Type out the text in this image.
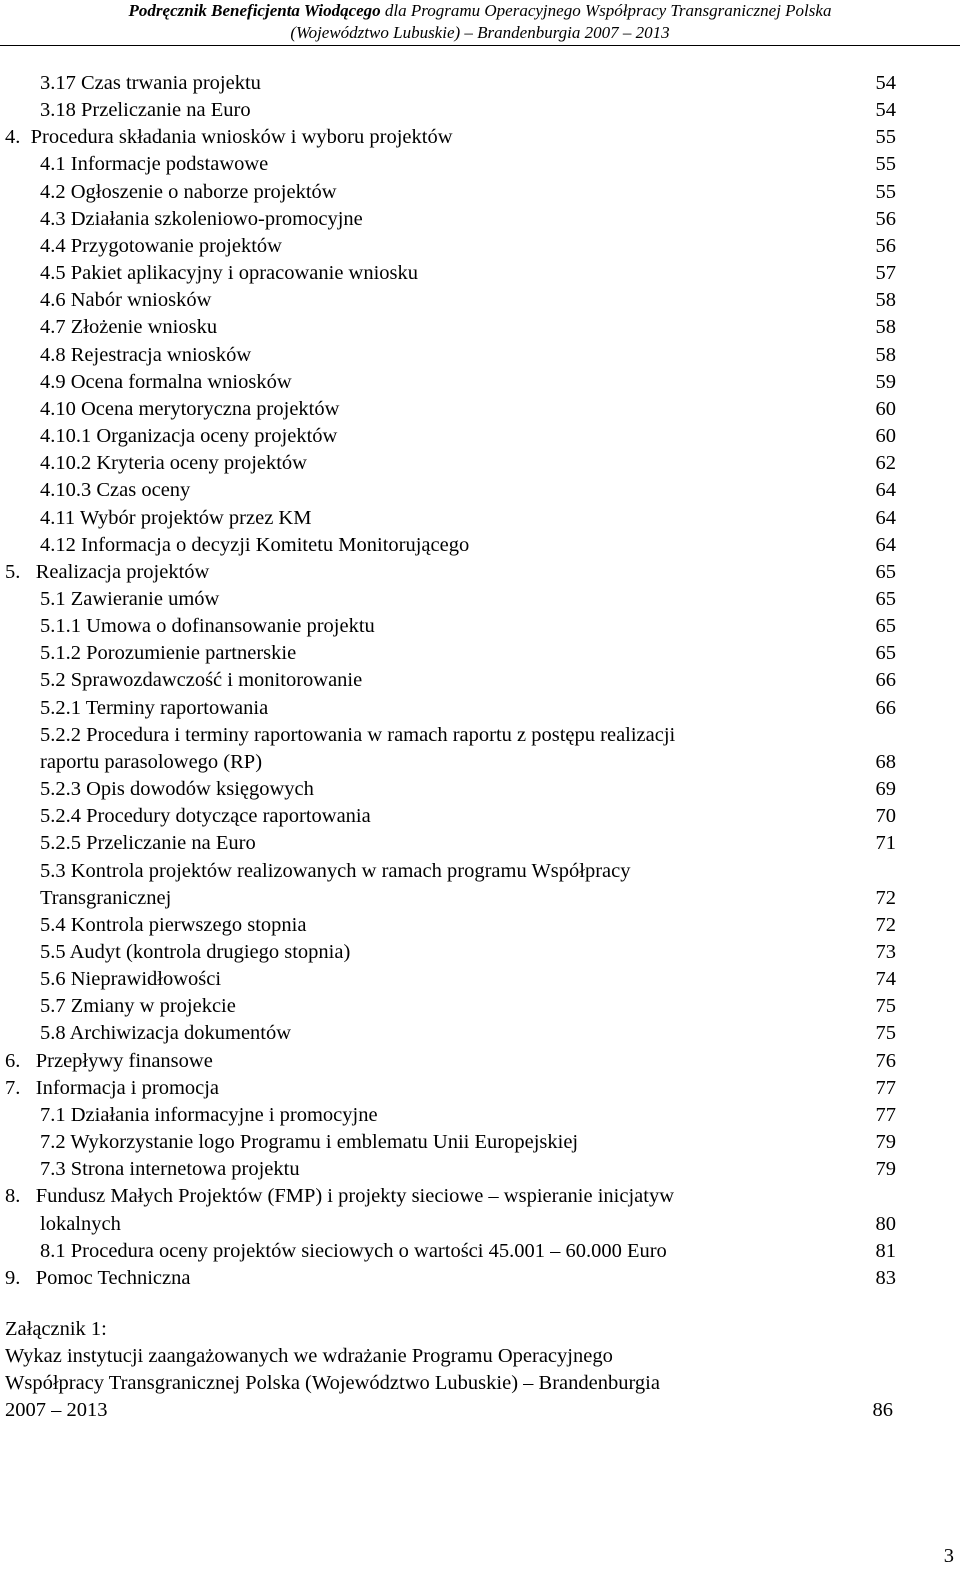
Podręcznik Beneficjenta Wiodącego dla Programu Operacyjnego Współpracy Transgranicznej Polska
(Województwo Lubuskie) – Brandenburgia 2007 – 2013
3.17 Czas trwania projektu	54
3.18 Przeliczanie na Euro	54
4.  Procedura składania wniosków i wyboru projektów	55
4.1 Informacje podstawowe	55
4.2 Ogłoszenie o naborze projektów	55
4.3 Działania szkoleniowo-promocyjne	56
4.4 Przygotowanie projektów	56
4.5 Pakiet aplikacyjny i opracowanie wniosku	57
4.6 Nabór wniosków	58
4.7 Złożenie wniosku	58
4.8 Rejestracja wniosków	58
4.9 Ocena formalna wniosków	59
4.10 Ocena merytoryczna projektów	60
4.10.1 Organizacja oceny projektów	60
4.10.2 Kryteria oceny projektów	62
4.10.3 Czas oceny	64
4.11 Wybór projektów przez KM	64
4.12 Informacja o decyzji Komitetu Monitorującego	64
5.   Realizacja projektów	65
5.1 Zawieranie umów	65
5.1.1 Umowa o dofinansowanie projektu	65
5.1.2 Porozumienie partnerskie	65
5.2 Sprawozdawczość i monitorowanie	66
5.2.1 Terminy raportowania	66
5.2.2 Procedura i terminy raportowania w ramach raportu z postępu realizacji
raportu parasolowego (RP)	68
5.2.3 Opis dowodów księgowych	69
5.2.4 Procedury dotyczące raportowania	70
5.2.5 Przeliczanie na Euro	71
5.3 Kontrola projektów realizowanych w ramach programu Współpracy
Transgranicznej	72
5.4 Kontrola pierwszego stopnia	72
5.5 Audyt (kontrola drugiego stopnia)	73
5.6 Nieprawidłowości	74
5.7 Zmiany w projekcie	75
5.8 Archiwizacja dokumentów	75
6.   Przepływy finansowe	76
7.   Informacja i promocja	77
7.1 Działania informacyjne i promocyjne	77
7.2 Wykorzystanie logo Programu i emblematu Unii Europejskiej	79
7.3 Strona internetowa projektu	79
8.   Fundusz Małych Projektów (FMP) i projekty sieciowe – wspieranie inicjatyw
lokalnych	80
8.1 Procedura oceny projektów sieciowych o wartości 45.001 – 60.000 Euro	81
9.   Pomoc Techniczna	83
Załącznik 1:
Wykaz instytucji zaangażowanych we wdrażanie Programu Operacyjnego
Współpracy Transgranicznej Polska (Województwo Lubuskie) – Brandenburgia
2007 – 2013	86
3
